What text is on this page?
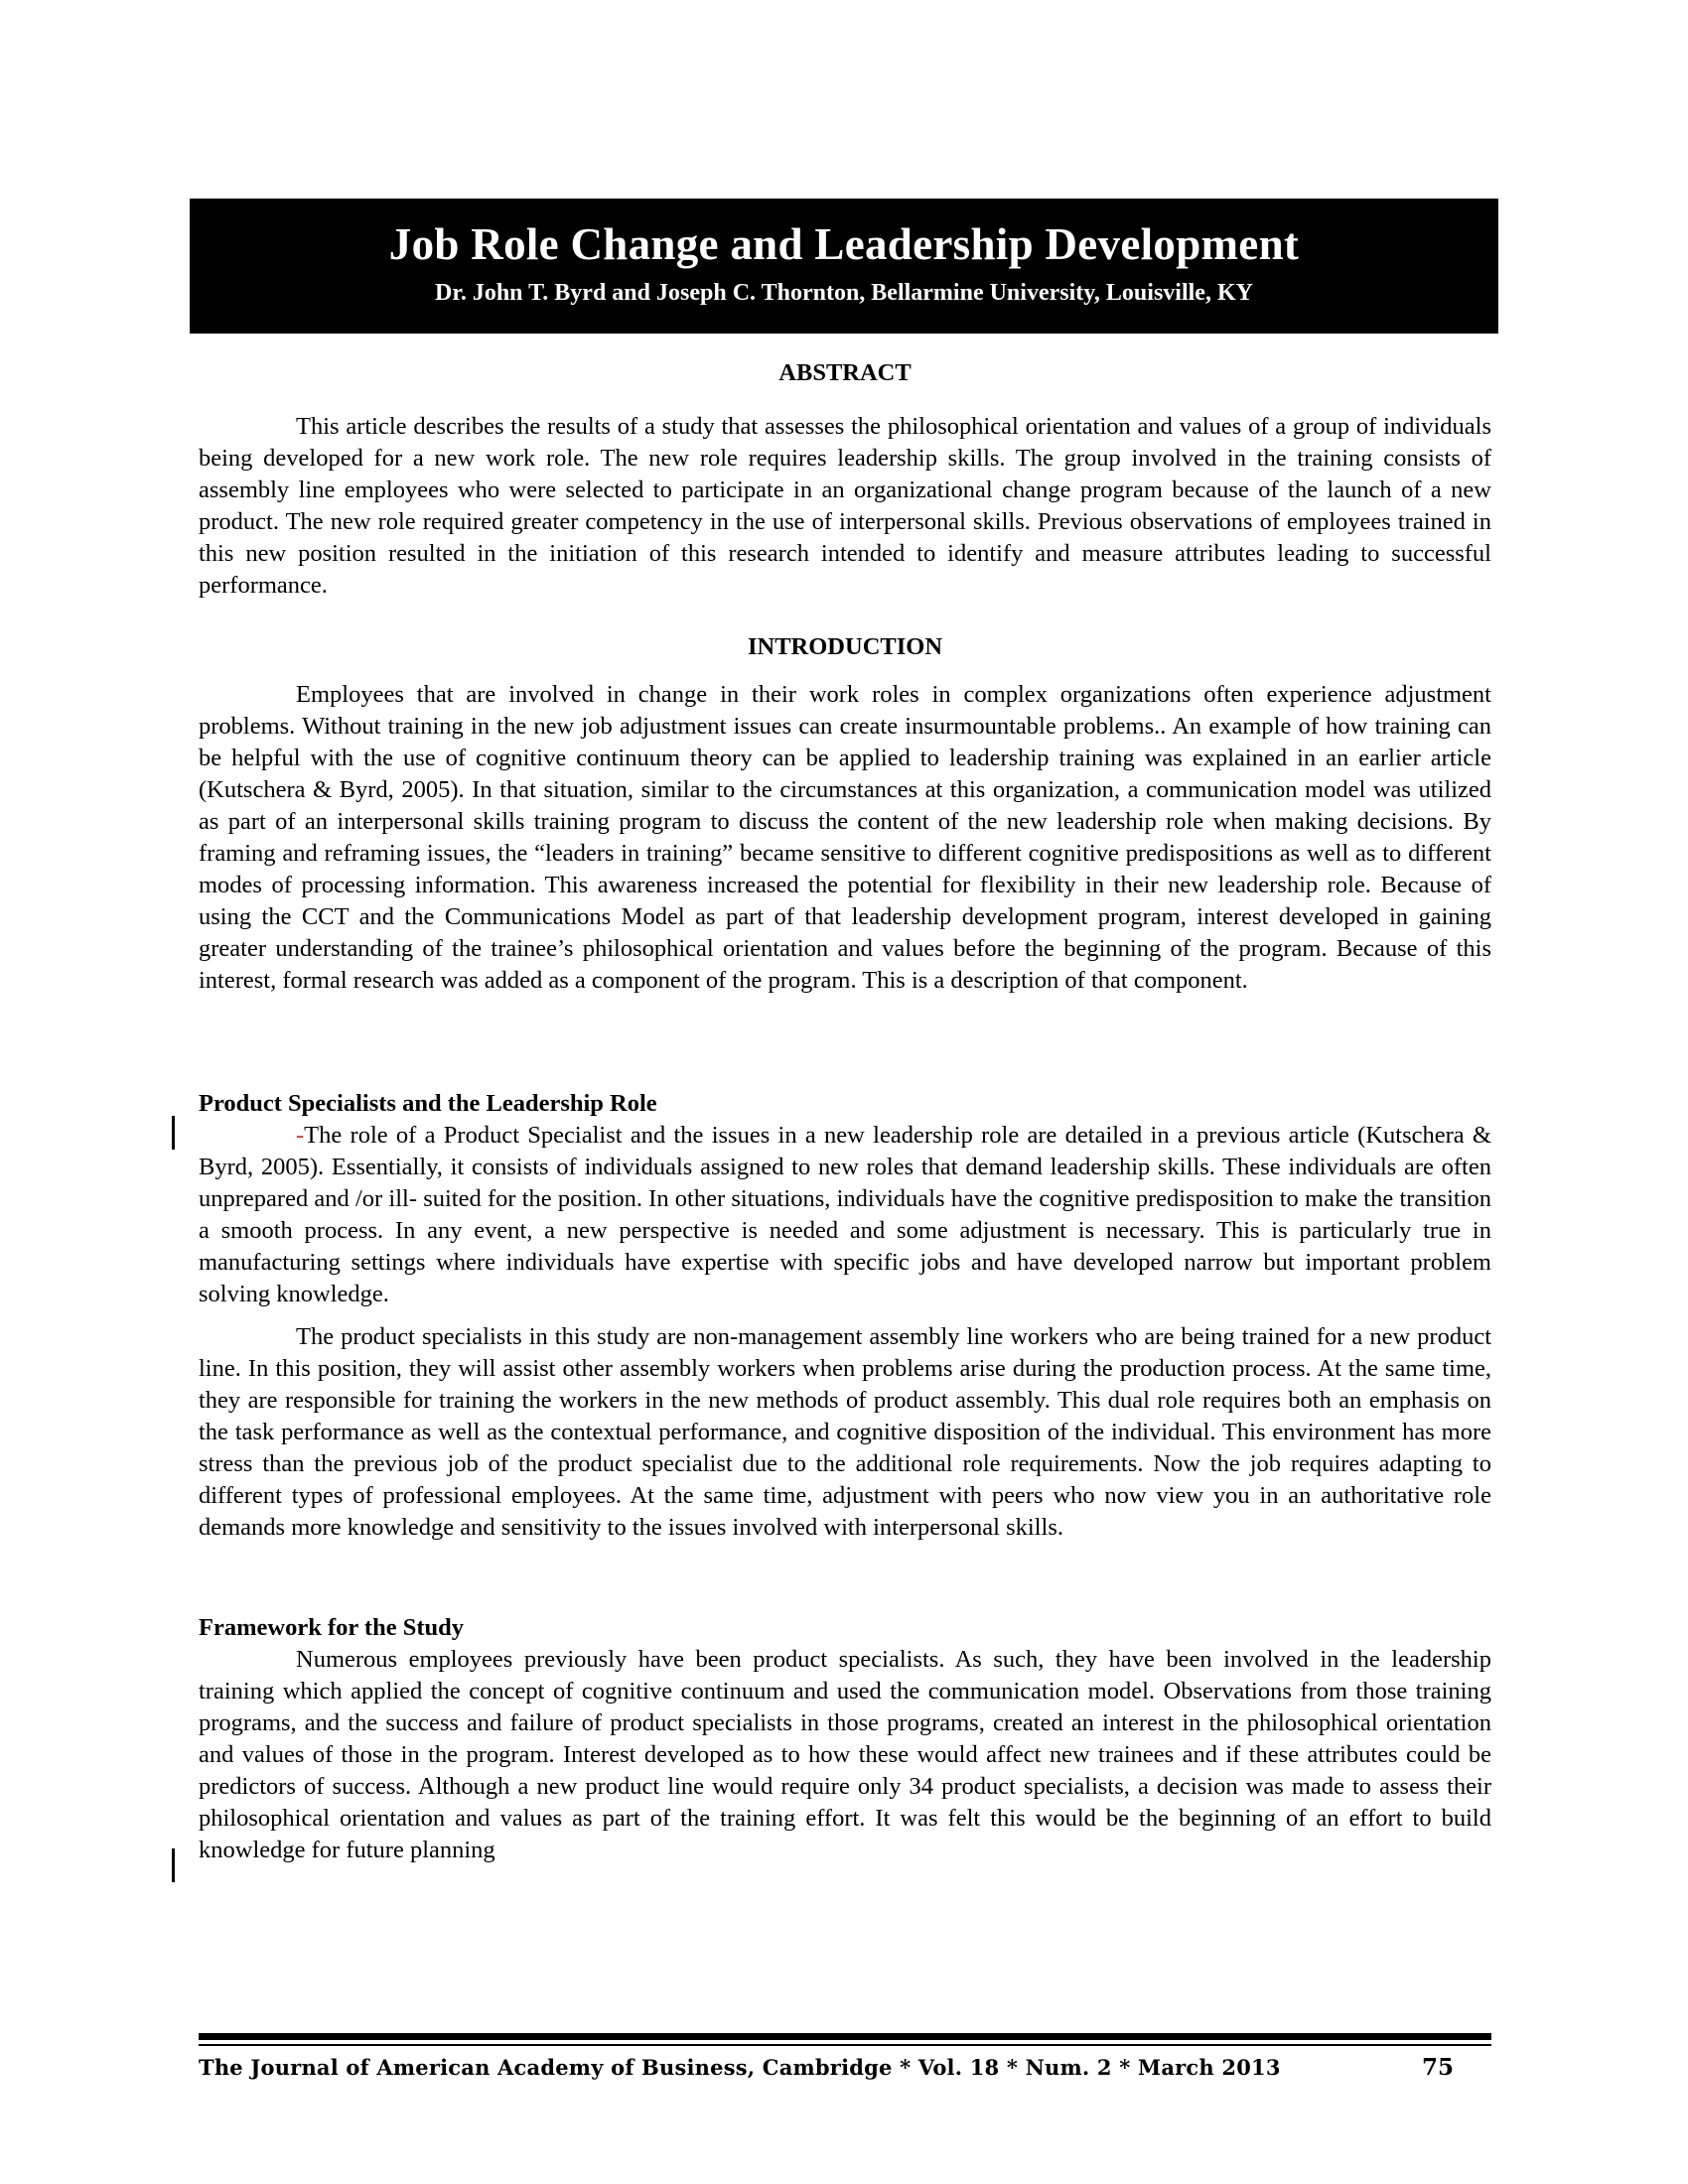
Job Role Change and Leadership Development
Dr. John T. Byrd and Joseph C. Thornton, Bellarmine University, Louisville, KY
ABSTRACT

This article describes the results of a study that assesses the philosophical orientation and values of a group of individuals being developed for a new work role. The new role requires leadership skills. The group involved in the training consists of assembly line employees who were selected to participate in an organizational change program because of the launch of a new product. The new role required greater competency in the use of interpersonal skills. Previous observations of employees trained in this new position resulted in the initiation of this research intended to identify and measure attributes leading to successful performance.

INTRODUCTION

Employees that are involved in change in their work roles in complex organizations often experience adjustment problems. Without training in the new job adjustment issues can create insurmountable problems.. An example of how training can be helpful with the use of cognitive continuum theory can be applied to leadership training was explained in an earlier article (Kutschera & Byrd, 2005). In that situation, similar to the circumstances at this organization, a communication model was utilized as part of an interpersonal skills training program to discuss the content of the new leadership role when making decisions. By framing and reframing issues, the “leaders in training” became sensitive to different cognitive predispositions as well as to different modes of processing information. This awareness increased the potential for flexibility in their new leadership role. Because of using the CCT and the Communications Model as part of that leadership development program, interest developed in gaining greater understanding of the trainee’s philosophical orientation and values before the beginning of the program. Because of this interest, formal research was added as a component of the program. This is a description of that component.

Product Specialists and the Leadership Role

-The role of a Product Specialist and the issues in a new leadership role are detailed in a previous article (Kutschera & Byrd, 2005). Essentially, it consists of individuals assigned to new roles that demand leadership skills. These individuals are often unprepared and /or ill- suited for the position. In other situations, individuals have the cognitive predisposition to make the transition a smooth process. In any event, a new perspective is needed and some adjustment is necessary. This is particularly true in manufacturing settings where individuals have expertise with specific jobs and have developed narrow but important problem solving knowledge.

The product specialists in this study are non-management assembly line workers who are being trained for a new product line. In this position, they will assist other assembly workers when problems arise during the production process. At the same time, they are responsible for training the workers in the new methods of product assembly. This dual role requires both an emphasis on the task performance as well as the contextual performance, and cognitive disposition of the individual. This environment has more stress than the previous job of the product specialist due to the additional role requirements. Now the job requires adapting to different types of professional employees. At the same time, adjustment with peers who now view you in an authoritative role demands more knowledge and sensitivity to the issues involved with interpersonal skills.

Framework for the Study

Numerous employees previously have been product specialists. As such, they have been involved in the leadership training which applied the concept of cognitive continuum and used the communication model. Observations from those training programs, and the success and failure of product specialists in those programs, created an interest in the philosophical orientation and values of those in the program. Interest developed as to how these would affect new trainees and if these attributes could be predictors of success. Although a new product line would require only 34 product specialists, a decision was made to assess their philosophical orientation and values as part of the training effort. It was felt this would be the beginning of an effort to build knowledge for future planning

The Journal of American Academy of Business, Cambridge * Vol. 18 * Num. 2 * March 2013	75
